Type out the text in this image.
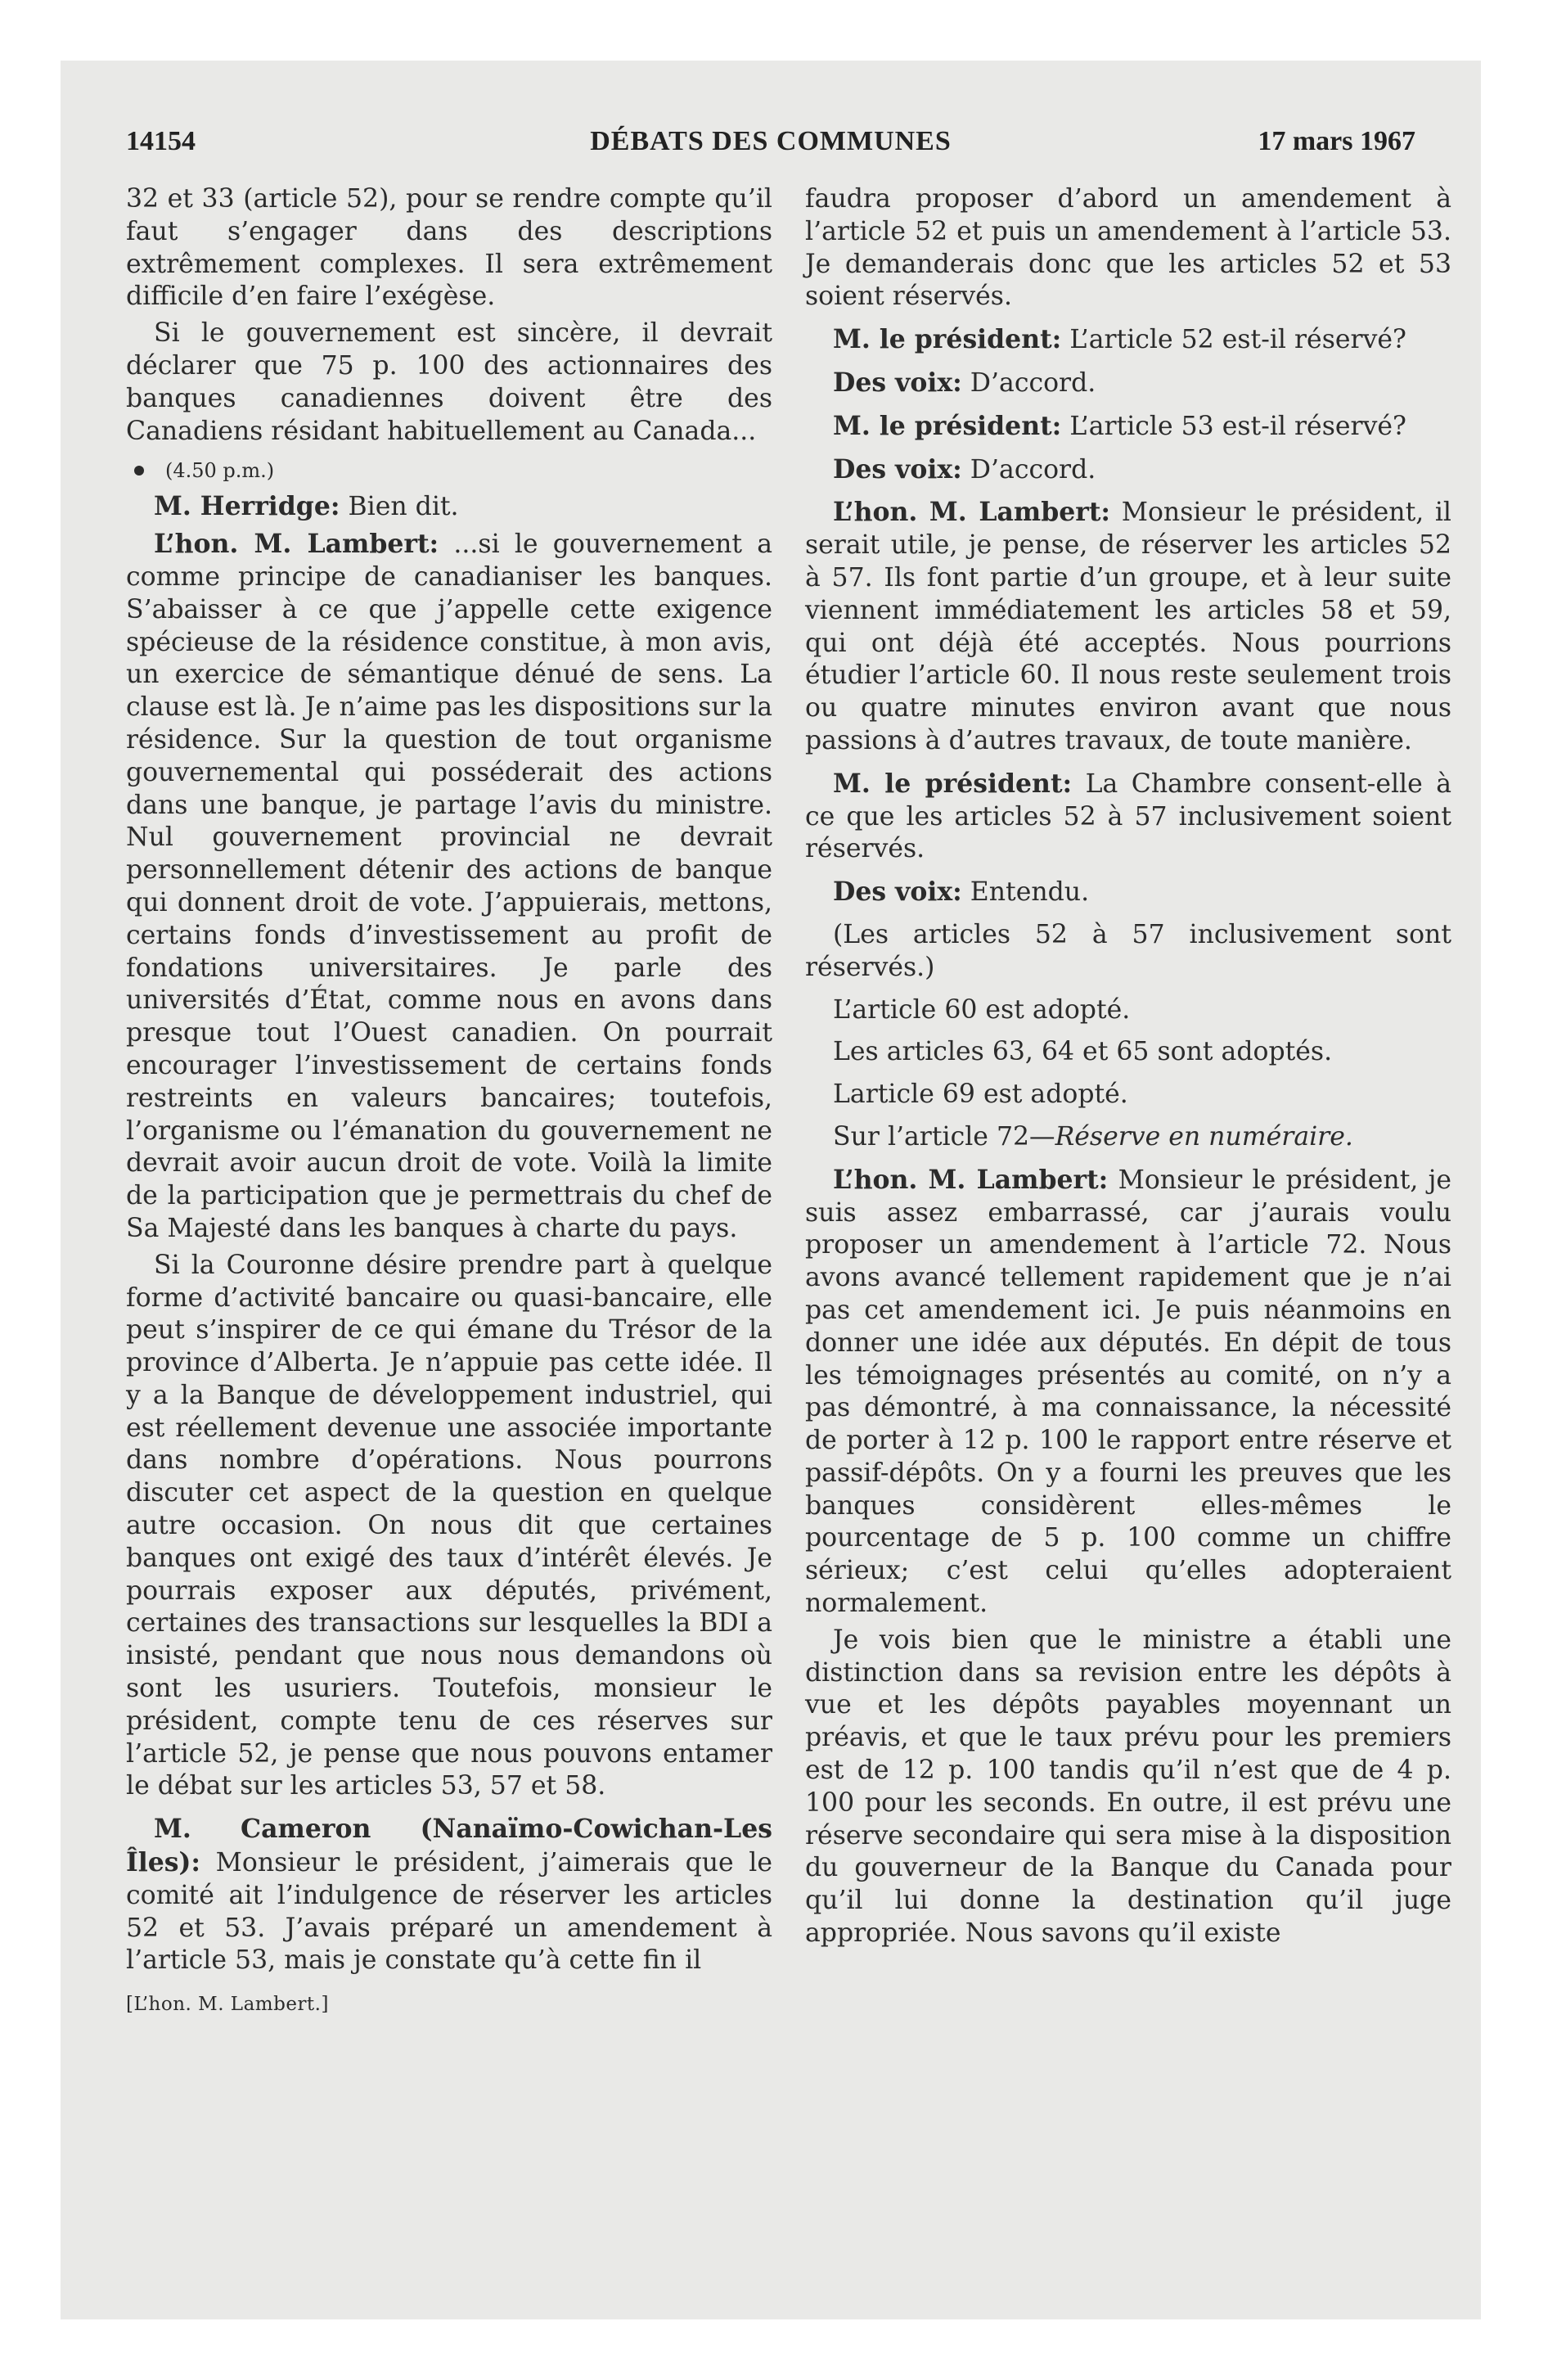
14154	DÉBATS DES COMMUNES	17 mars 1967

32 et 33 (article 52), pour se rendre compte qu’il faut s’engager dans des descriptions extrêmement complexes. Il sera extrêmement difficile d’en faire l’exégèse.

Si le gouvernement est sincère, il devrait déclarer que 75 p. 100 des actionnaires des banques canadiennes doivent être des Canadiens résidant habituellement au Canada...

(4.50 p.m.)

M. Herridge: Bien dit.

L’hon. M. Lambert: ...si le gouvernement a comme principe de canadianiser les banques. S’abaisser à ce que j’appelle cette exigence spécieuse de la résidence constitue, à mon avis, un exercice de sémantique dénué de sens. La clause est là. Je n’aime pas les dispositions sur la résidence. Sur la question de tout organisme gouvernemental qui posséderait des actions dans une banque, je partage l’avis du ministre. Nul gouvernement provincial ne devrait personnellement détenir des actions de banque qui donnent droit de vote. J’appuierais, mettons, certains fonds d’investissement au profit de fondations universitaires. Je parle des universités d’État, comme nous en avons dans presque tout l’Ouest canadien. On pourrait encourager l’investissement de certains fonds restreints en valeurs bancaires; toutefois, l’organisme ou l’émanation du gouvernement ne devrait avoir aucun droit de vote. Voilà la limite de la participation que je permettrais du chef de Sa Majesté dans les banques à charte du pays.

Si la Couronne désire prendre part à quelque forme d’activité bancaire ou quasi-bancaire, elle peut s’inspirer de ce qui émane du Trésor de la province d’Alberta. Je n’appuie pas cette idée. Il y a la Banque de développement industriel, qui est réellement devenue une associée importante dans nombre d’opérations. Nous pourrons discuter cet aspect de la question en quelque autre occasion. On nous dit que certaines banques ont exigé des taux d’intérêt élevés. Je pourrais exposer aux députés, privément, certaines des transactions sur lesquelles la BDI a insisté, pendant que nous nous demandons où sont les usuriers. Toutefois, monsieur le président, compte tenu de ces réserves sur l’article 52, je pense que nous pouvons entamer le débat sur les articles 53, 57 et 58.

M. Cameron (Nanaïmo-Cowichan-Les Îles): Monsieur le président, j’aimerais que le comité ait l’indulgence de réserver les articles 52 et 53. J’avais préparé un amendement à l’article 53, mais je constate qu’à cette fin il

[L’hon. M. Lambert.]

faudra proposer d’abord un amendement à l’article 52 et puis un amendement à l’article 53. Je demanderais donc que les articles 52 et 53 soient réservés.

M. le président: L’article 52 est-il réservé?

Des voix: D’accord.

M. le président: L’article 53 est-il réservé?

Des voix: D’accord.

L’hon. M. Lambert: Monsieur le président, il serait utile, je pense, de réserver les articles 52 à 57. Ils font partie d’un groupe, et à leur suite viennent immédiatement les articles 58 et 59, qui ont déjà été acceptés. Nous pourrions étudier l’article 60. Il nous reste seulement trois ou quatre minutes environ avant que nous passions à d’autres travaux, de toute manière.

M. le président: La Chambre consent-elle à ce que les articles 52 à 57 inclusivement soient réservés.

Des voix: Entendu.

(Les articles 52 à 57 inclusivement sont réservés.)

L’article 60 est adopté.

Les articles 63, 64 et 65 sont adoptés.

Larticle 69 est adopté.

Sur l’article 72—Réserve en numéraire.

L’hon. M. Lambert: Monsieur le président, je suis assez embarrassé, car j’aurais voulu proposer un amendement à l’article 72. Nous avons avancé tellement rapidement que je n’ai pas cet amendement ici. Je puis néanmoins en donner une idée aux députés. En dépit de tous les témoignages présentés au comité, on n’y a pas démontré, à ma connaissance, la nécessité de porter à 12 p. 100 le rapport entre réserve et passif-dépôts. On y a fourni les preuves que les banques considèrent elles-mêmes le pourcentage de 5 p. 100 comme un chiffre sérieux; c’est celui qu’elles adopteraient normalement.

Je vois bien que le ministre a établi une distinction dans sa revision entre les dépôts à vue et les dépôts payables moyennant un préavis, et que le taux prévu pour les premiers est de 12 p. 100 tandis qu’il n’est que de 4 p. 100 pour les seconds. En outre, il est prévu une réserve secondaire qui sera mise à la disposition du gouverneur de la Banque du Canada pour qu’il lui donne la destination qu’il juge appropriée. Nous savons qu’il existe
